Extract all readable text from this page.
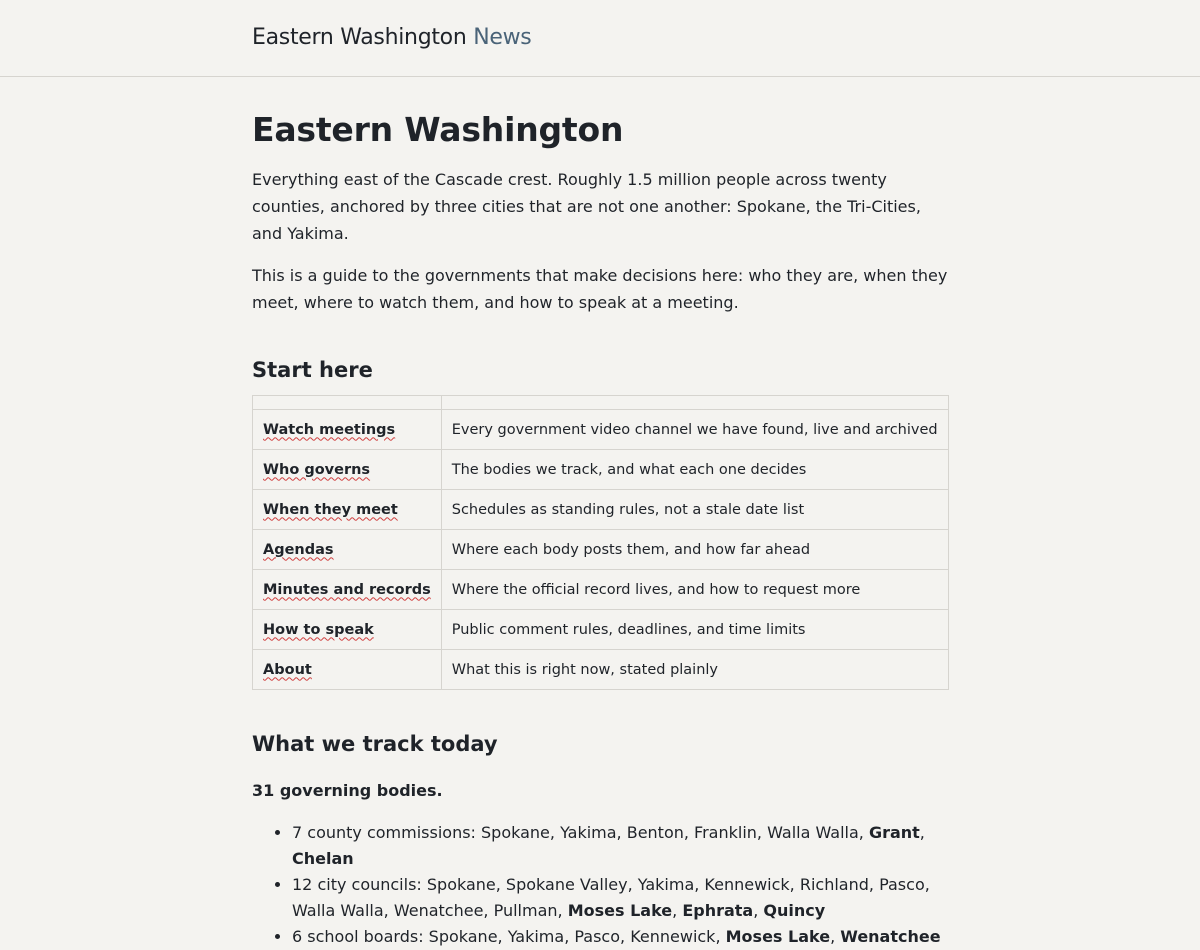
Eastern Washington News
Eastern Washington

Everything east of the Cascade crest. Roughly 1.5 million people across twenty counties, anchored by three cities that are not one another: Spokane, the Tri-Cities, and Yakima.

This is a guide to the governments that make decisions here: who they are, when they meet, where to watch them, and how to speak at a meeting.

Start here

Watch meetings	Every government video channel we have found, live and archived
Who governs	The bodies we track, and what each one decides
When they meet	Schedules as standing rules, not a stale date list
Agendas	Where each body posts them, and how far ahead
Minutes and records	Where the official record lives, and how to request more
How to speak	Public comment rules, deadlines, and time limits
About	What this is right now, stated plainly
What we track today

31 governing bodies.

• 7 county commissions: Spokane, Yakima, Benton, Franklin, Walla Walla, Grant, Chelan
• 12 city councils: Spokane, Spokane Valley, Yakima, Kennewick, Richland, Pasco, Walla Walla, Wenatchee, Pullman, Moses Lake, Ephrata, Quincy
• 6 school boards: Spokane, Yakima, Pasco, Kennewick, Moses Lake, Wenatchee
